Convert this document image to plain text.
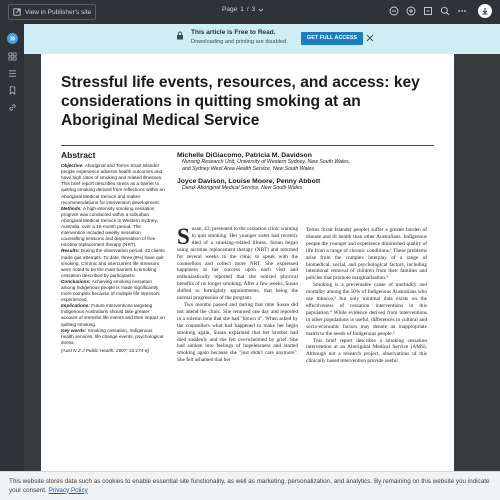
View in Publisher's site	Page 1 / 3
This article is Free to Read.
Downloading and printing are disabled.
GET FULL ACCESS
Stressful life events, resources, and access: key considerations in quitting smoking at an Aboriginal Medical Service
Abstract

Objective: Aboriginal and Torres Strait Islander people experience adverse health outcomes and have high rates of smoking and related illnesses. This brief report describes stress as a barrier to quitting smoking derived from reflections within an Aboriginal Medical Service and makes recommendations for intervention development.

Methods: A high-intensity smoking cessation program was conducted within a suburban Aboriginal Medical Service in Western Sydney, Australia, over a 10-month period. The intervention included weekly sessation counselling sessions and dispensation of free nicotine replacement therapy (NRT).

Results: During the observation period, 32 clients made quit attempts. To date, three (9%) have quit smoking. Chronic and intercurrent life stressors were noted to be the main barriers to smoking cessation described by participants.

Conclusions: Achieving smoking cessation among Indigenous people is made significantly more complex because of multiple life stressors experienced.

Implications: Future interventions targeting Indigenous Australians should take greater account of stressful life events and their impact on quitting smoking.

Key words: Smoking cessation, Indigenous health services, life change events, psychological stress.

(Aust N Z J Public Health. 2007; 31:174-6)

Michelle DiGiacomo, Patricia M. Davidson
Nursing Research Unit, University of Western Sydney, New South Wales,
and Sydney West Area Health Service, New South Wales
Joyce Davison, Louise Moore, Penny Abbott
Daruk Aboriginal Medical Service, New South Wales
S usan, 43, presented to the cessation clinic wanting to quit smoking. Her younger sister had recently died of a smoking-related illness. Susan began using nicotine replacement therapy (NRT) and returned for several weeks to the clinic to speak with the counsellors and collect more NRT. She expressed happiness at her success upon each visit and enthusiastically reported that she noticed physical benefits of no longer smoking. After a few weeks, Susan shifted to fortnightly appointments, that being the normal progression of the program.

Two months passed and during that time Susan did not attend the clinic. She returned one day and reported in a solemn tone that she had "blown it". When asked by the counsellors what had happened to make her begin smoking again, Susan explained that her brother had died suddenly and she felt overwhelmed by grief. She had sunken into feelings of hopelessness and started smoking again because she "just didn't care anymore". She felt ashamed that her

Torres Strait Islander people) suffer a greater burden of disease and ill health than other Australians. Indigenous people die younger and experience diminished quality of life from a range of chronic conditions.¹ These problems arise from the complex interplay of a range of biomedical, social, and psychological factors, including intentional removal of children from their families and policies that promote marginalisation.²

Smoking is a preventable cause of morbidity and mortality among the 50% of Indigenous Australians who use tobacco,³ but only minimal data exists on the effectiveness of cessation interventions in this population.⁴ While evidence derived from interventions in other populations is useful, differences in cultural and socio-economic factors may denote an inappropriate match to the needs of Indigenous people.⁵

This brief report describes a smoking cessation intervention at an Aboriginal Medical Service (AMS). Although not a research project, observations of this clinically based intervention provide useful

This website stores data such as cookies to enable essential site functionality, as well as marketing, personalization, and analytics. By remaining on this website you indicate your consent. Privacy Policy
